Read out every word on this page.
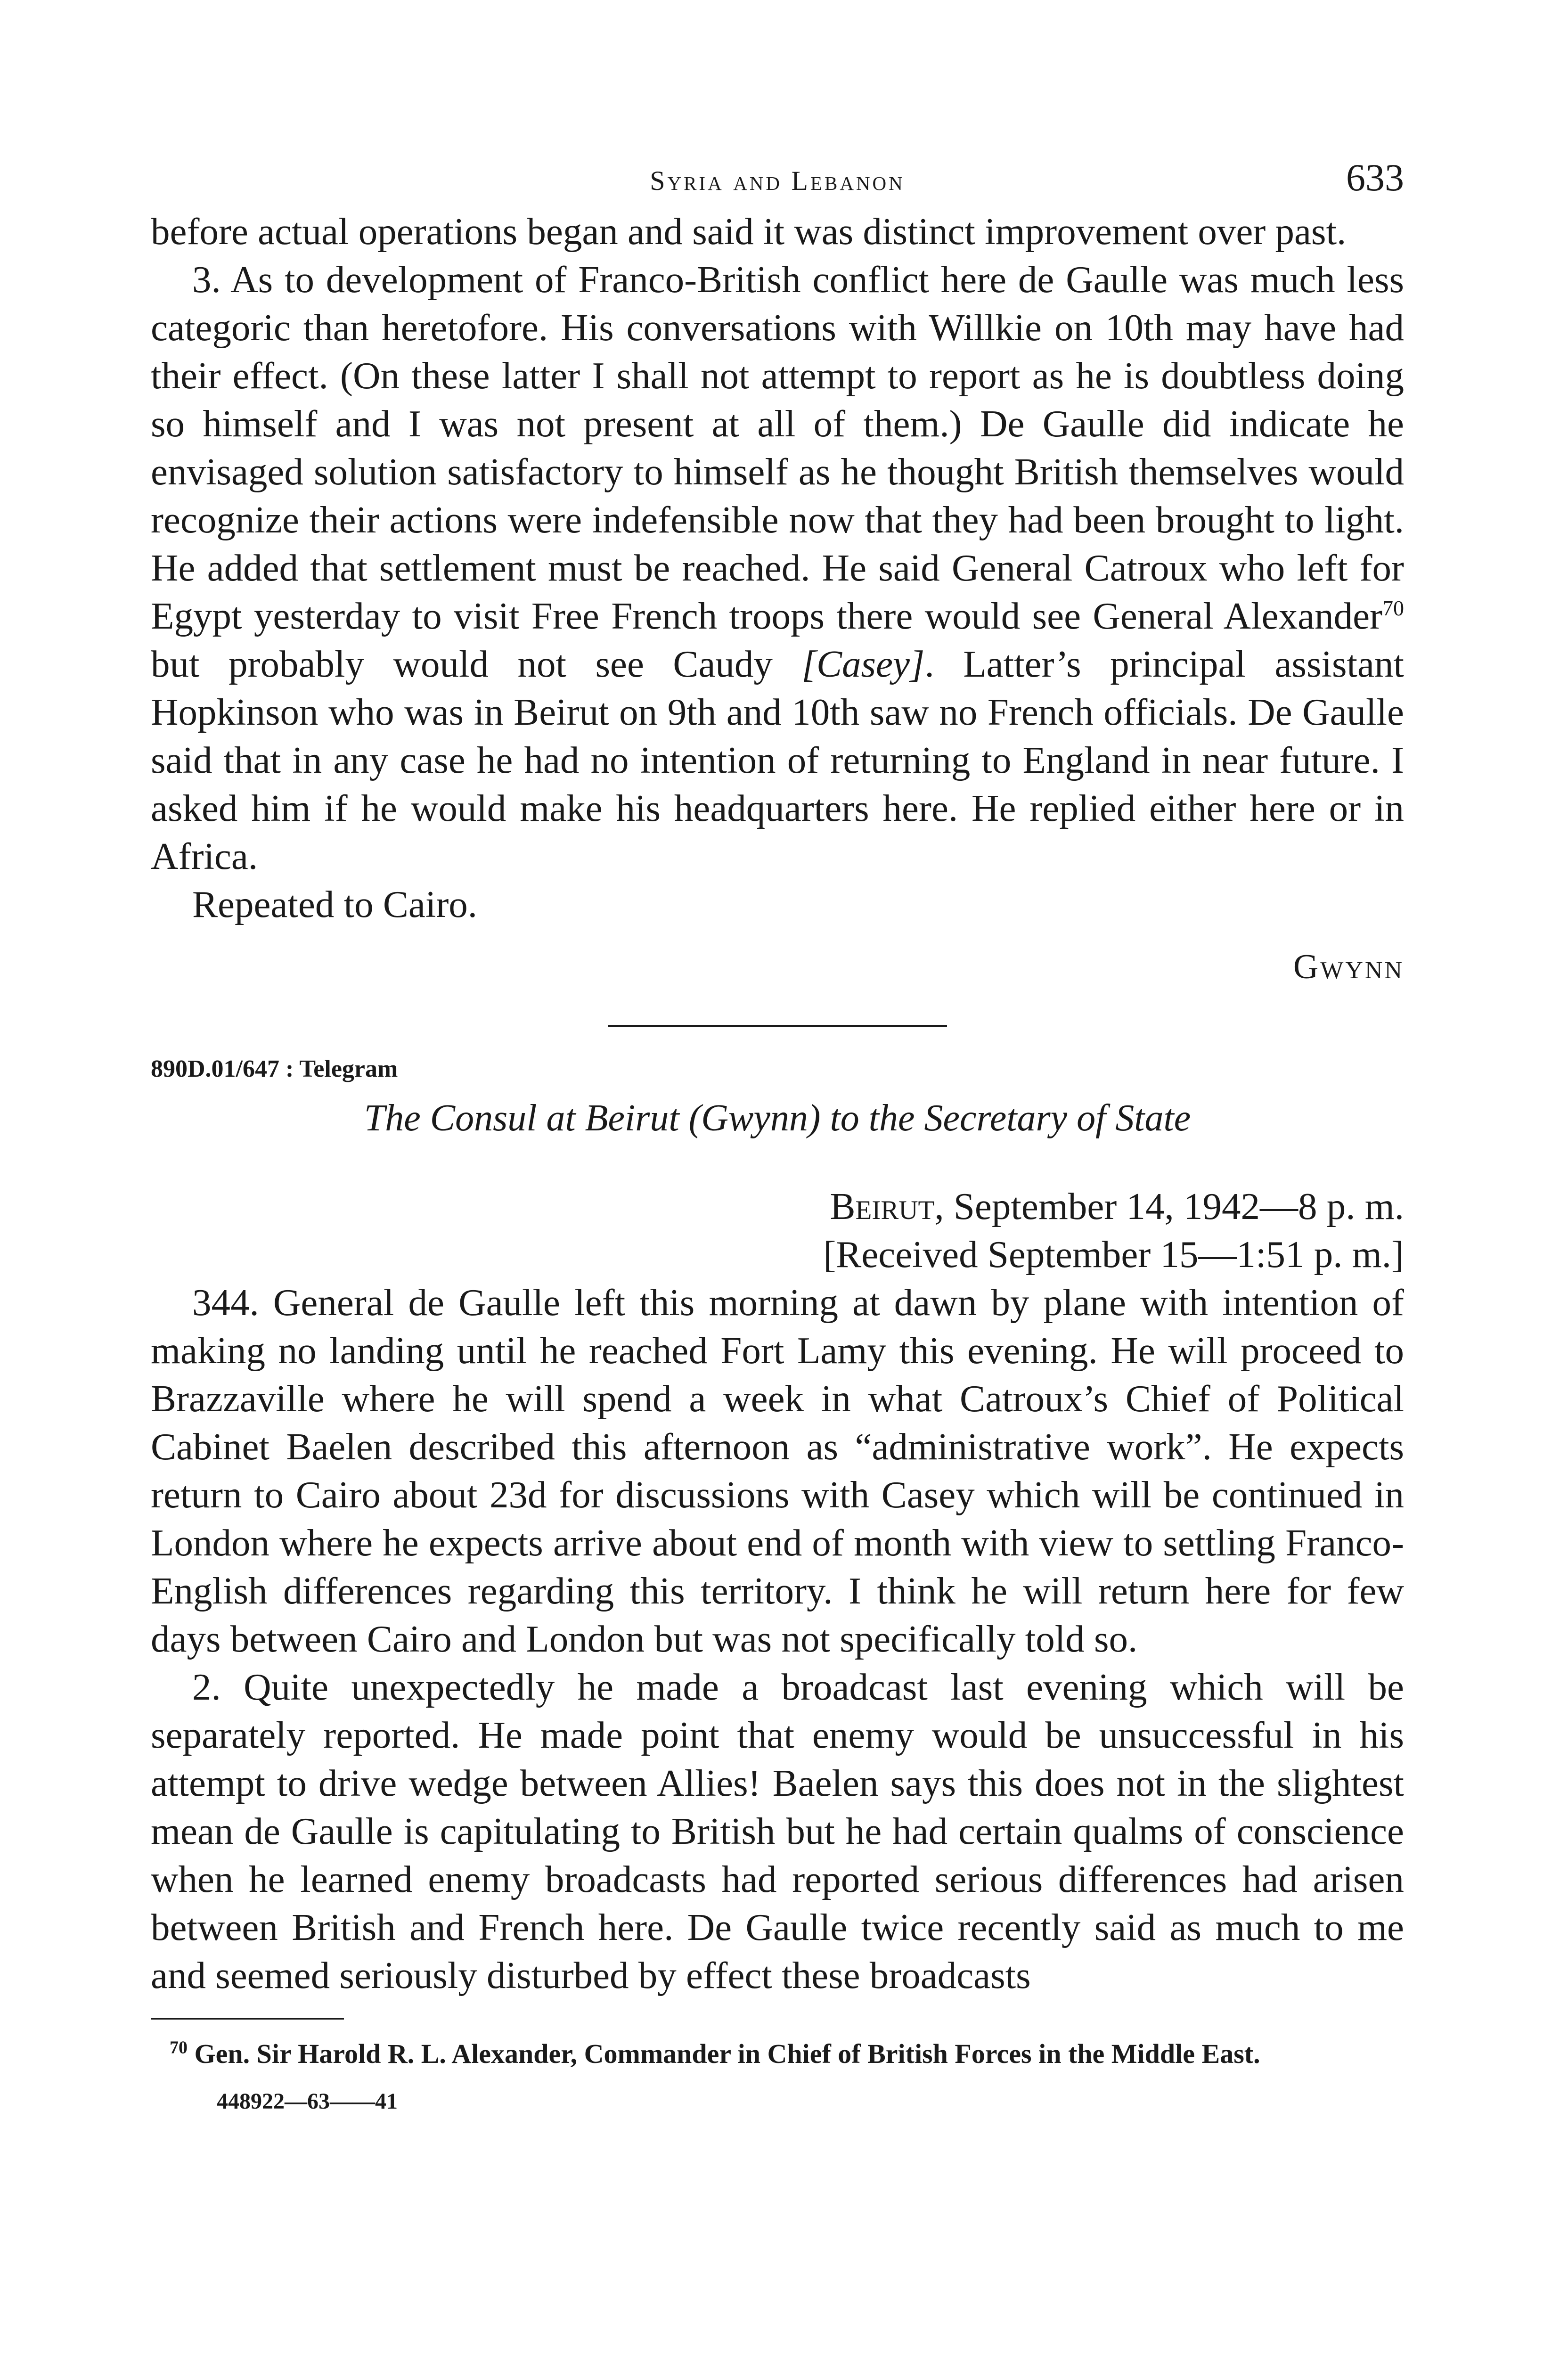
Syria and Lebanon	633

before actual operations began and said it was distinct improvement over past.

3. As to development of Franco-British conflict here de Gaulle was much less categoric than heretofore. His conversations with Willkie on 10th may have had their effect. (On these latter I shall not attempt to report as he is doubtless doing so himself and I was not present at all of them.) De Gaulle did indicate he envisaged solution satisfactory to himself as he thought British themselves would recognize their actions were indefensible now that they had been brought to light. He added that settlement must be reached. He said General Catroux who left for Egypt yesterday to visit Free French troops there would see General Alexander$^{70}$ but probably would not see Caudy [Casey]. Latter’s principal assistant Hopkinson who was in Beirut on 9th and 10th saw no French officials. De Gaulle said that in any case he had no intention of returning to England in near future. I asked him if he would make his headquarters here. He replied either here or in Africa.

Repeated to Cairo.

Gwynn
890D.01/647 : Telegram
The Consul at Beirut (Gwynn) to the Secretary of State
Beirut, September 14, 1942—8 p. m.
[Received September 15—1:51 p. m.]

344. General de Gaulle left this morning at dawn by plane with intention of making no landing until he reached Fort Lamy this evening. He will proceed to Brazzaville where he will spend a week in what Catroux’s Chief of Political Cabinet Baelen described this afternoon as “administrative work”. He expects return to Cairo about 23d for discussions with Casey which will be continued in London where he expects arrive about end of month with view to settling Franco-English differences regarding this territory. I think he will return here for few days between Cairo and London but was not specifically told so.

2. Quite unexpectedly he made a broadcast last evening which will be separately reported. He made point that enemy would be unsuccessful in his attempt to drive wedge between Allies! Baelen says this does not in the slightest mean de Gaulle is capitulating to British but he had certain qualms of conscience when he learned enemy broadcasts had reported serious differences had arisen between British and French here. De Gaulle twice recently said as much to me and seemed seriously disturbed by effect these broadcasts

$^{70}$ Gen. Sir Harold R. L. Alexander, Commander in Chief of British Forces in the Middle East.
448922—63——41
